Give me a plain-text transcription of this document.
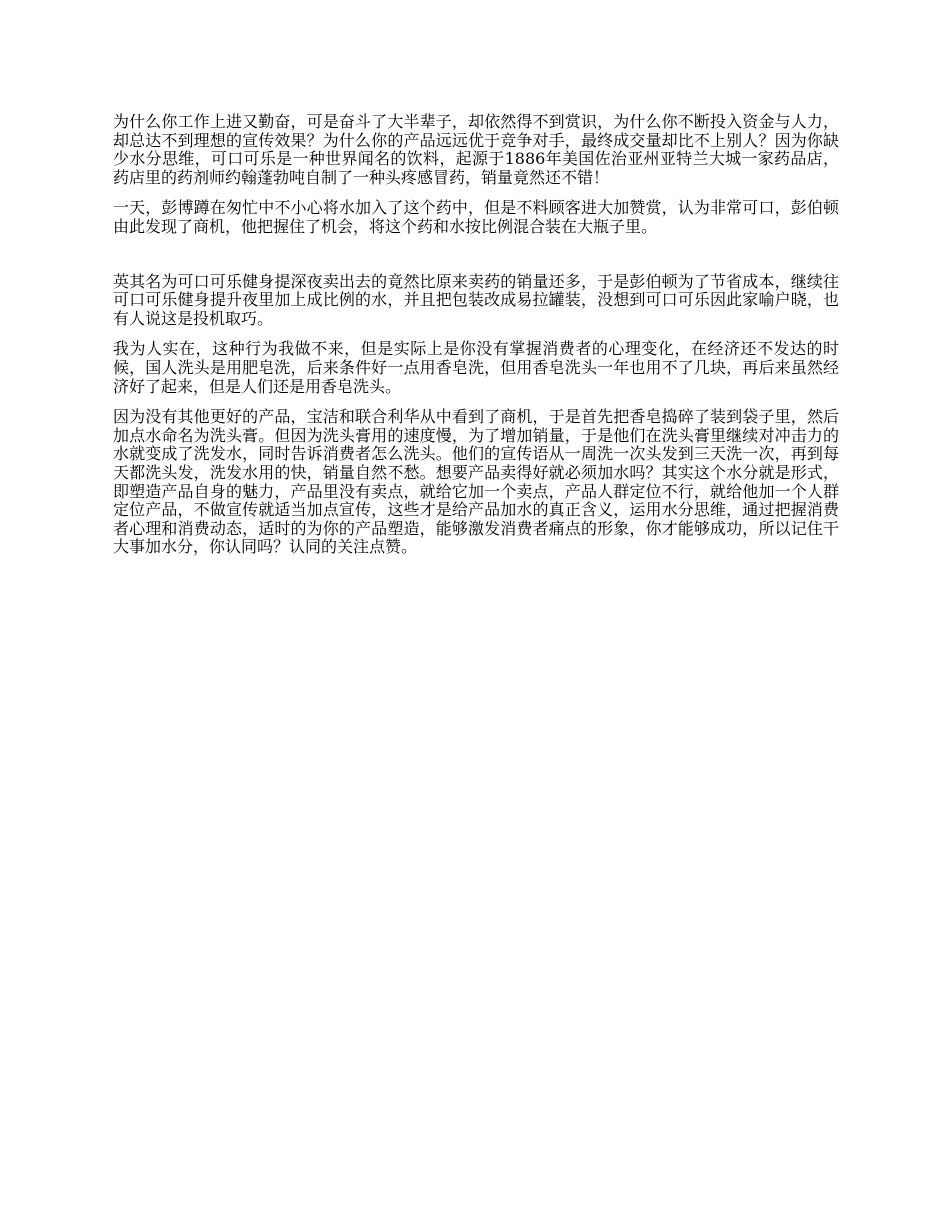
为什么你工作上进又勤奋，可是奋斗了大半辈子，却依然得不到赏识，为什么你不断投入资金与人力，却总达不到理想的宣传效果？为什么你的产品远远优于竞争对手，最终成交量却比不上别人？因为你缺少水分思维，可口可乐是一种世界闻名的饮料，起源于1886年美国佐治亚州亚特兰大城一家药品店，药店里的药剂师约翰蓬勃吨自制了一种头疼感冒药，销量竟然还不错！

一天，彭博蹲在匆忙中不小心将水加入了这个药中，但是不料顾客进大加赞赏，认为非常可口，彭伯顿由此发现了商机，他把握住了机会，将这个药和水按比例混合装在大瓶子里。

英其名为可口可乐健身提深夜卖出去的竟然比原来卖药的销量还多，于是彭伯顿为了节省成本，继续往可口可乐健身提升夜里加上成比例的水，并且把包装改成易拉罐装，没想到可口可乐因此家喻户晓，也有人说这是投机取巧。

我为人实在，这种行为我做不来，但是实际上是你没有掌握消费者的心理变化，在经济还不发达的时候，国人洗头是用肥皂洗，后来条件好一点用香皂洗，但用香皂洗头一年也用不了几块，再后来虽然经济好了起来，但是人们还是用香皂洗头。

因为没有其他更好的产品，宝洁和联合利华从中看到了商机，于是首先把香皂捣碎了装到袋子里，然后加点水命名为洗头膏。但因为洗头膏用的速度慢，为了增加销量，于是他们在洗头膏里继续对冲击力的水就变成了洗发水，同时告诉消费者怎么洗头。他们的宣传语从一周洗一次头发到三天洗一次，再到每天都洗头发，洗发水用的快，销量自然不愁。想要产品卖得好就必须加水吗？其实这个水分就是形式，即塑造产品自身的魅力，产品里没有卖点，就给它加一个卖点，产品人群定位不行，就给他加一个人群定位产品，不做宣传就适当加点宣传，这些才是给产品加水的真正含义，运用水分思维，通过把握消费者心理和消费动态，适时的为你的产品塑造，能够激发消费者痛点的形象，你才能够成功，所以记住干大事加水分，你认同吗？认同的关注点赞。
